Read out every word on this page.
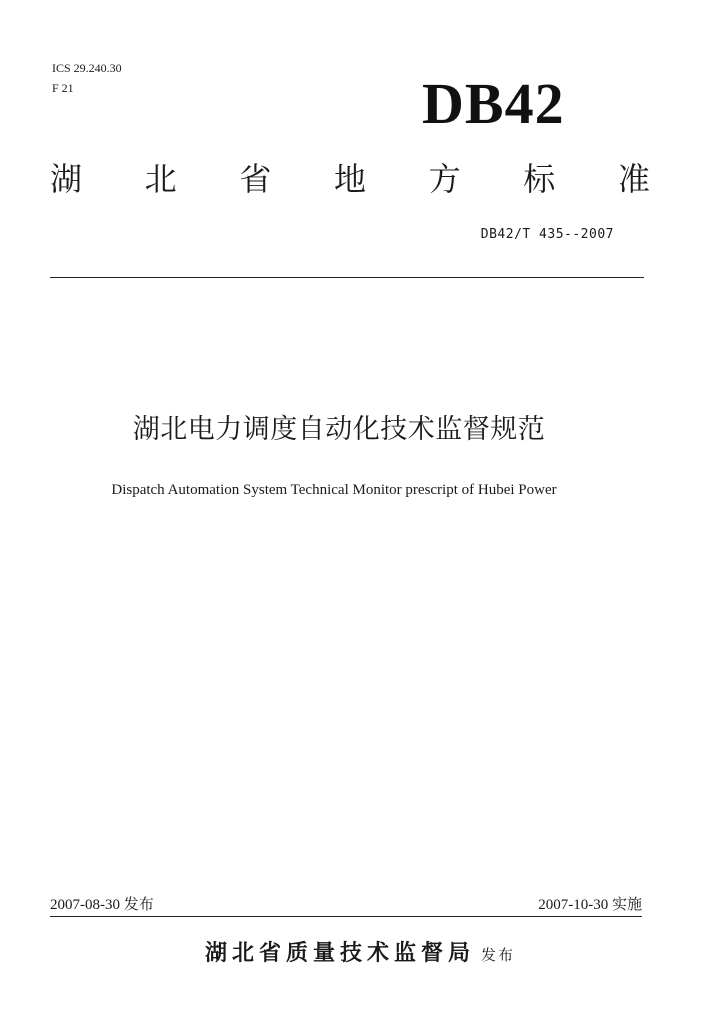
ICS 29.240.30
F 21	DB42
湖 北 省 地 方 标 准
DB42/T 435--2007
湖北电力调度自动化技术监督规范
Dispatch Automation System Technical Monitor prescript of Hubei Power
2007-08-30 发布	2007-10-30 实施
湖北省质量技术监督局 发布
